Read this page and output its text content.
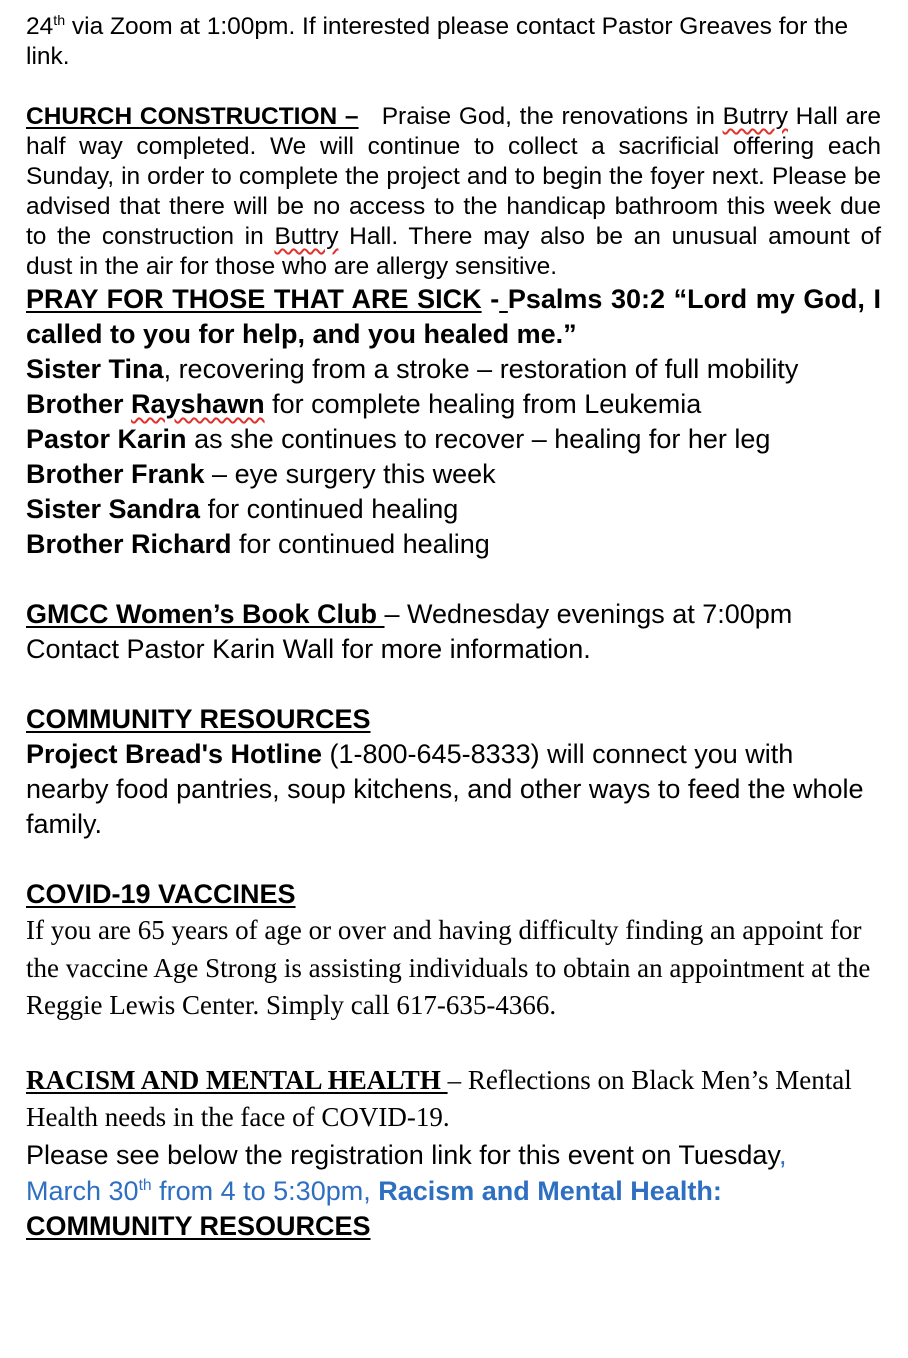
24th via Zoom at 1:00pm. If interested please contact Pastor Greaves for the link.

CHURCH CONSTRUCTION –   Praise God, the renovations in Butrry Hall are half way completed. We will continue to collect a sacrificial offering each Sunday, in order to complete the project and to begin the foyer next. Please be advised that there will be no access to the handicap bathroom this week due to the construction in Buttry Hall. There may also be an unusual amount of dust in the air for those who are allergy sensitive.

PRAY FOR THOSE THAT ARE SICK - Psalms 30:2 “Lord my God, I called to you for help, and you healed me.”

Sister Tina, recovering from a stroke – restoration of full mobility

Brother Rayshawn for complete healing from Leukemia

Pastor Karin as she continues to recover – healing for her leg

Brother Frank – eye surgery this week

Sister Sandra for continued healing

Brother Richard for continued healing

GMCC Women’s Book Club – Wednesday evenings at 7:00pm

Contact Pastor Karin Wall for more information.

COMMUNITY RESOURCES

Project Bread's Hotline (1-800-645-8333) will connect you with nearby food pantries, soup kitchens, and other ways to feed the whole family.

COVID-19 VACCINES

If you are 65 years of age or over and having difficulty finding an appoint for the vaccine Age Strong is assisting individuals to obtain an appointment at the Reggie Lewis Center. Simply call 617-635-4366.

RACISM AND MENTAL HEALTH – Reflections on Black Men’s Mental Health needs in the face of COVID-19.

Please see below the registration link for this event on Tuesday,
March 30th from 4 to 5:30pm, Racism and Mental Health:

COMMUNITY RESOURCES
